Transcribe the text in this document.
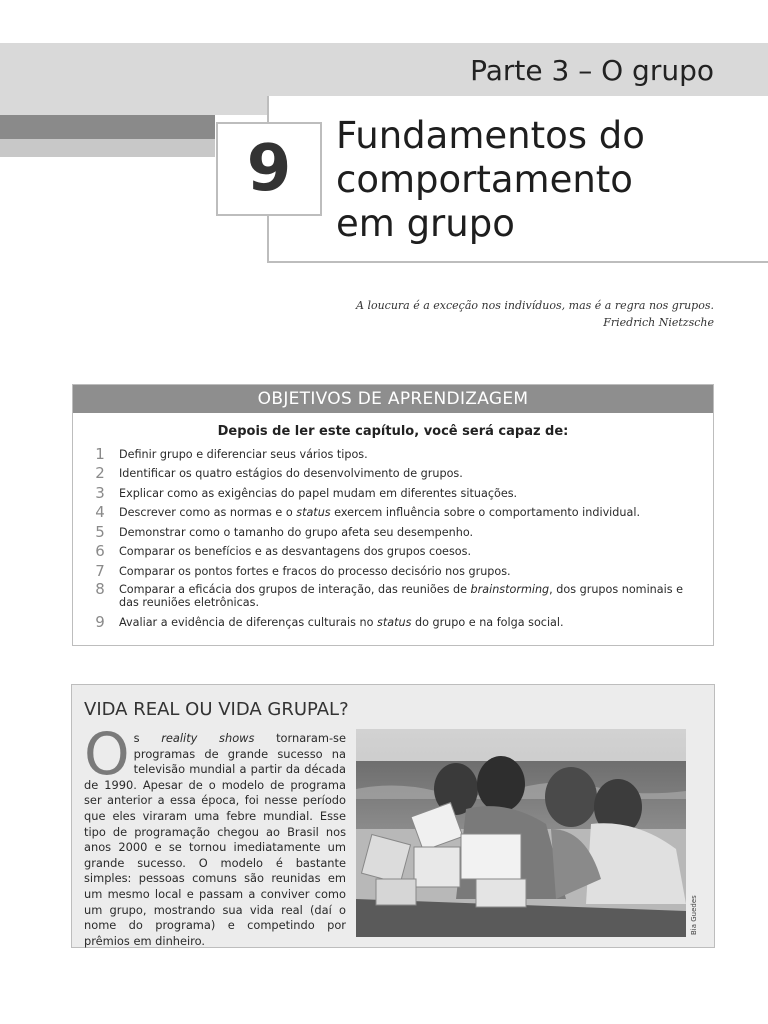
Parte 3 – O grupo
9	Fundamentos do
comportamento
em grupo
A loucura é a exceção nos indivíduos, mas é a regra nos grupos.
Friedrich Nietzsche
OBJETIVOS DE APRENDIZAGEM
Depois de ler este capítulo, você será capaz de:
1 Definir grupo e diferenciar seus vários tipos.
2 Identificar os quatro estágios do desenvolvimento de grupos.
3 Explicar como as exigências do papel mudam em diferentes situações.
4 Descrever como as normas e o status exercem influência sobre o comportamento individual.
5 Demonstrar como o tamanho do grupo afeta seu desempenho.
6 Comparar os benefícios e as desvantagens dos grupos coesos.
7 Comparar os pontos fortes e fracos do processo decisório nos grupos.
8 Comparar a eficácia dos grupos de interação, das reuniões de brainstorming, dos grupos nominais e das reuniões eletrônicas.
9 Avaliar a evidência de diferenças culturais no status do grupo e na folga social.
VIDA REAL OU VIDA GRUPAL?
Os reality shows tornaram-se programas de grande sucesso na televisão mundial a partir da década de 1990. Apesar de o modelo de programa ser anterior a essa época, foi nesse período que eles viraram uma febre mundial. Esse tipo de programação chegou ao Brasil nos anos 2000 e se tornou imediatamente um grande sucesso. O modelo é bastante simples: pessoas comuns são reunidas em um mesmo local e passam a conviver como um grupo, mostrando sua vida real (daí o nome do programa) e competindo por prêmios em dinheiro.
Bia Guedes
